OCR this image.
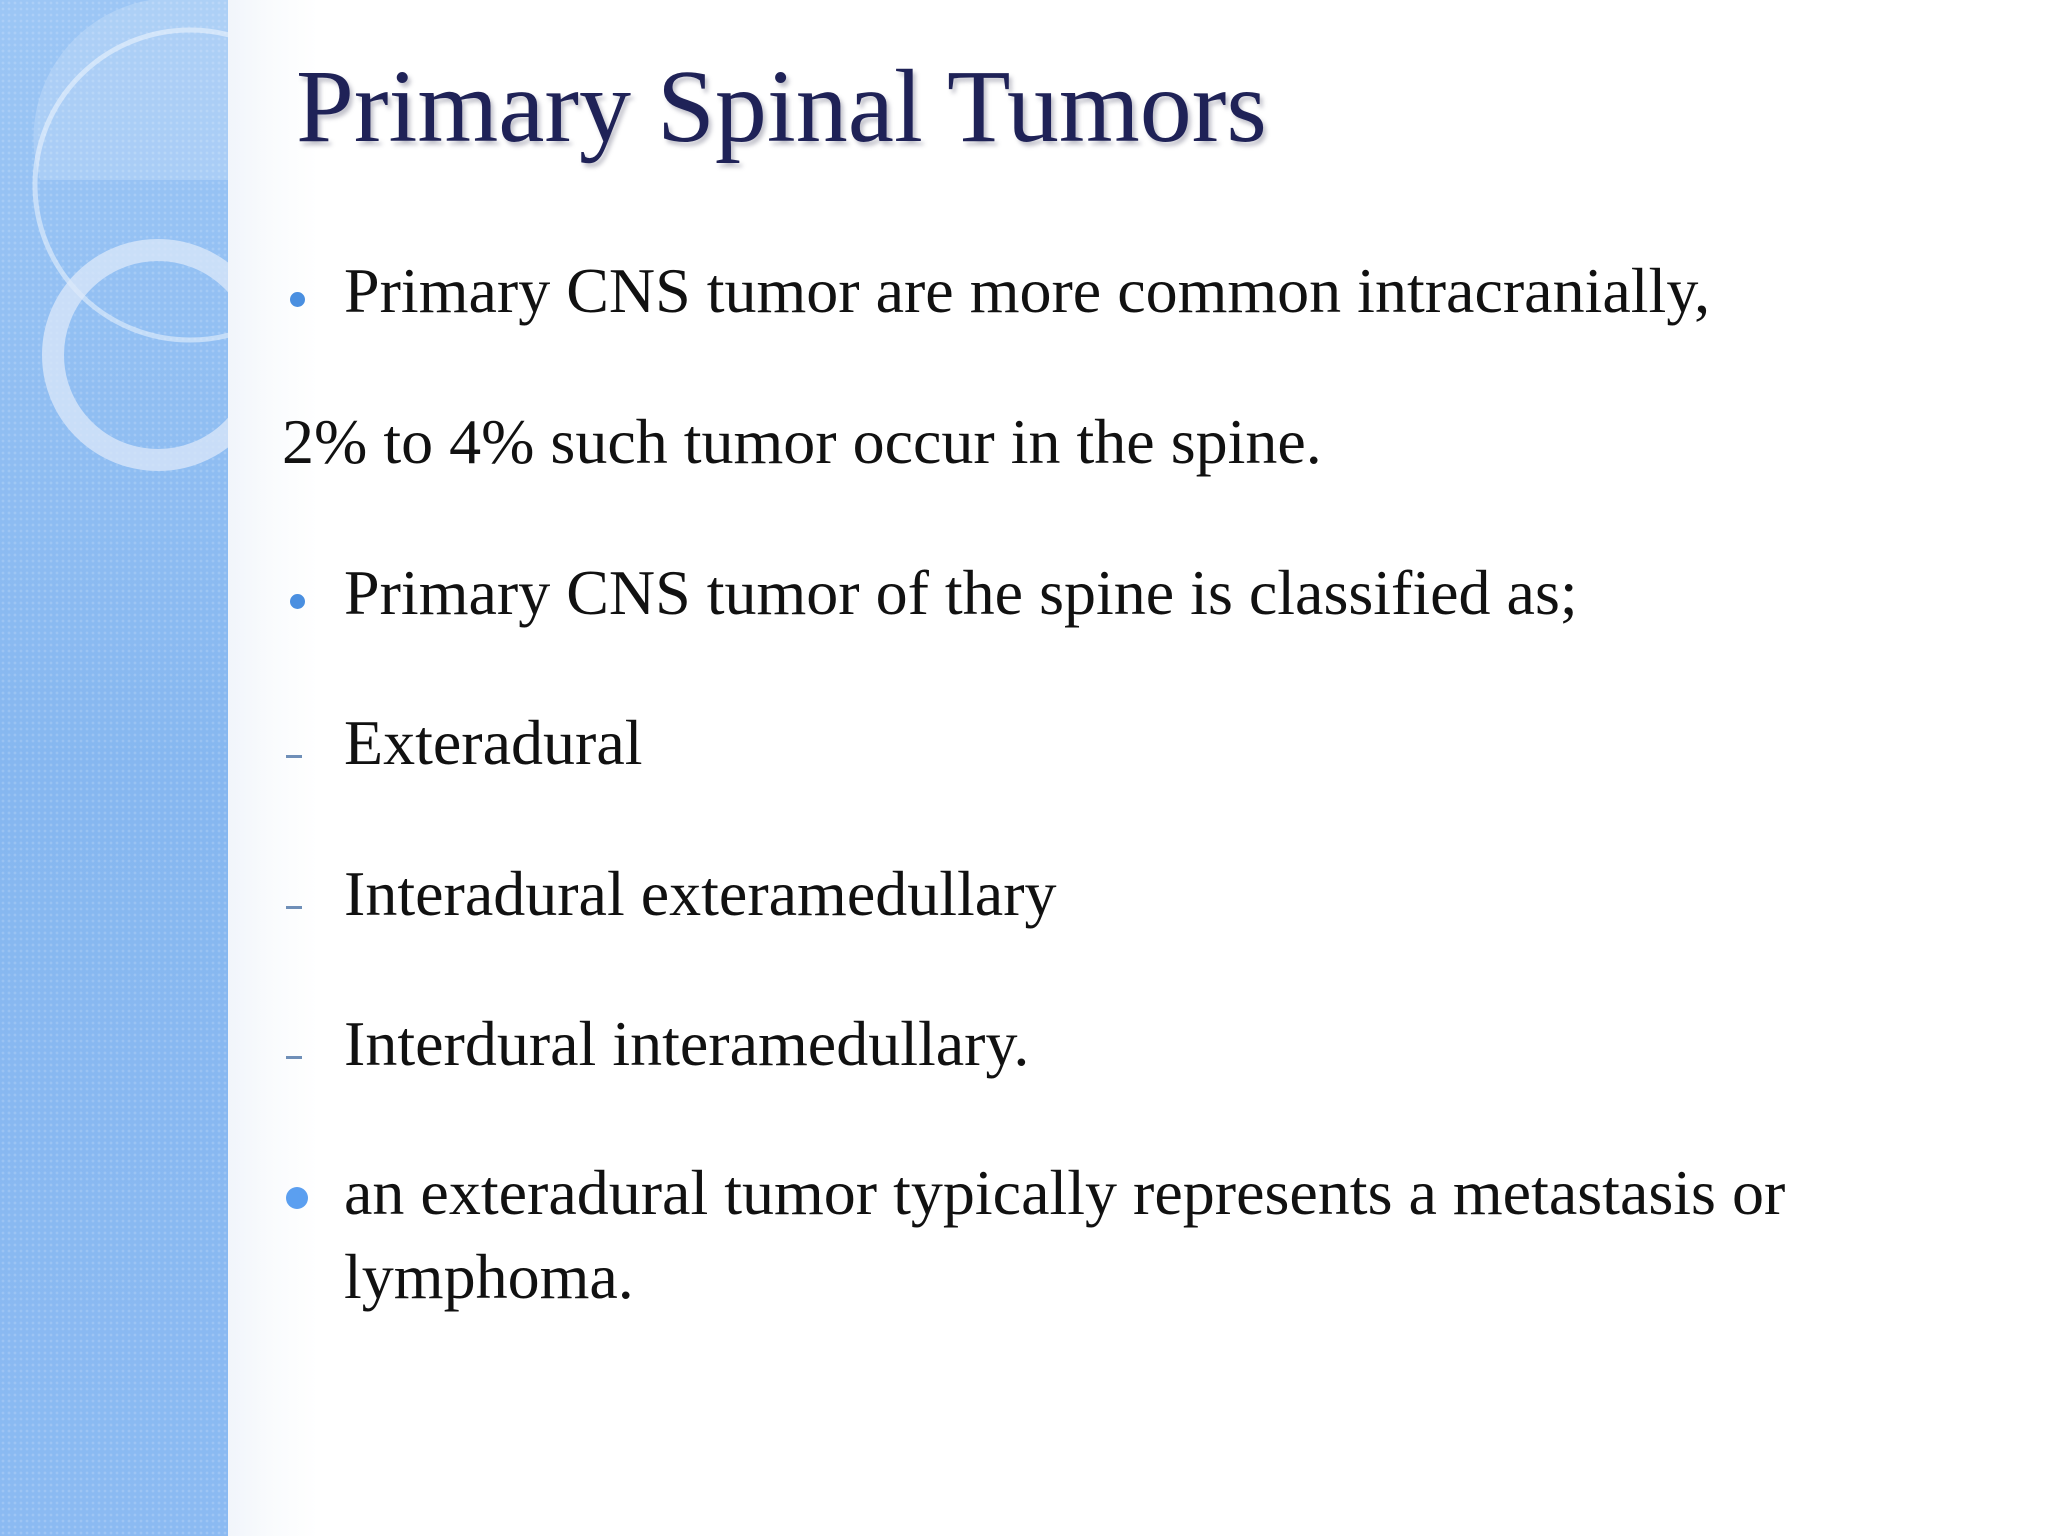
Primary Spinal Tumors
Primary CNS tumor are more common intracranially,
2% to 4% such tumor occur in the spine.
Primary CNS tumor of the spine is classified as;
Exteradural
Interadural exteramedullary
Interdural interamedullary.
an exteradural tumor typically represents a metastasis or lymphoma.
